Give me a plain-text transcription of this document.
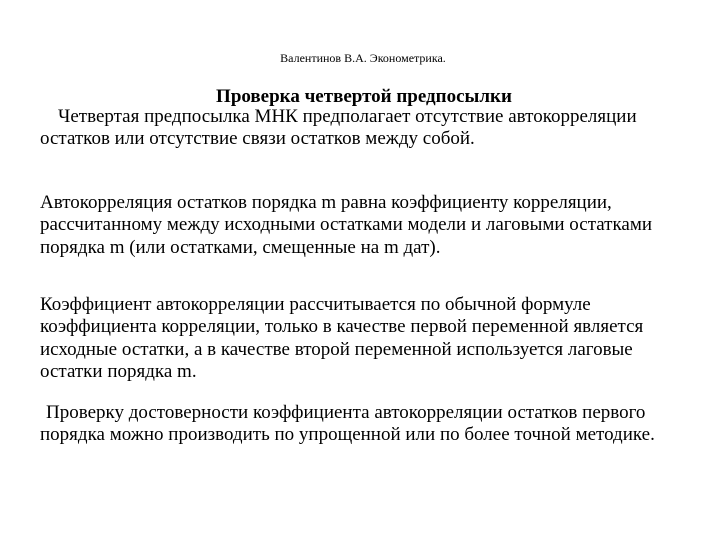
Валентинов В.А. Эконометрика.
Проверка четвертой предпосылки

Четвертая предпосылка МНК предполагает отсутствие автокорреляции остатков или отсутствие связи остатков между собой.

Автокорреляция остатков порядка m равна коэффициенту корреляции, рассчитанному между исходными остатками модели и лаговыми остатками порядка m (или остатками, смещенные на m дат).

Коэффициент автокорреляции рассчитывается по обычной формуле коэффициента корреляции, только в качестве первой переменной является исходные остатки, а в качестве второй переменной используется лаговые остатки порядка m.

Проверку достоверности коэффициента автокорреляции остатков первого порядка можно производить по упрощенной или по более точной методике.
